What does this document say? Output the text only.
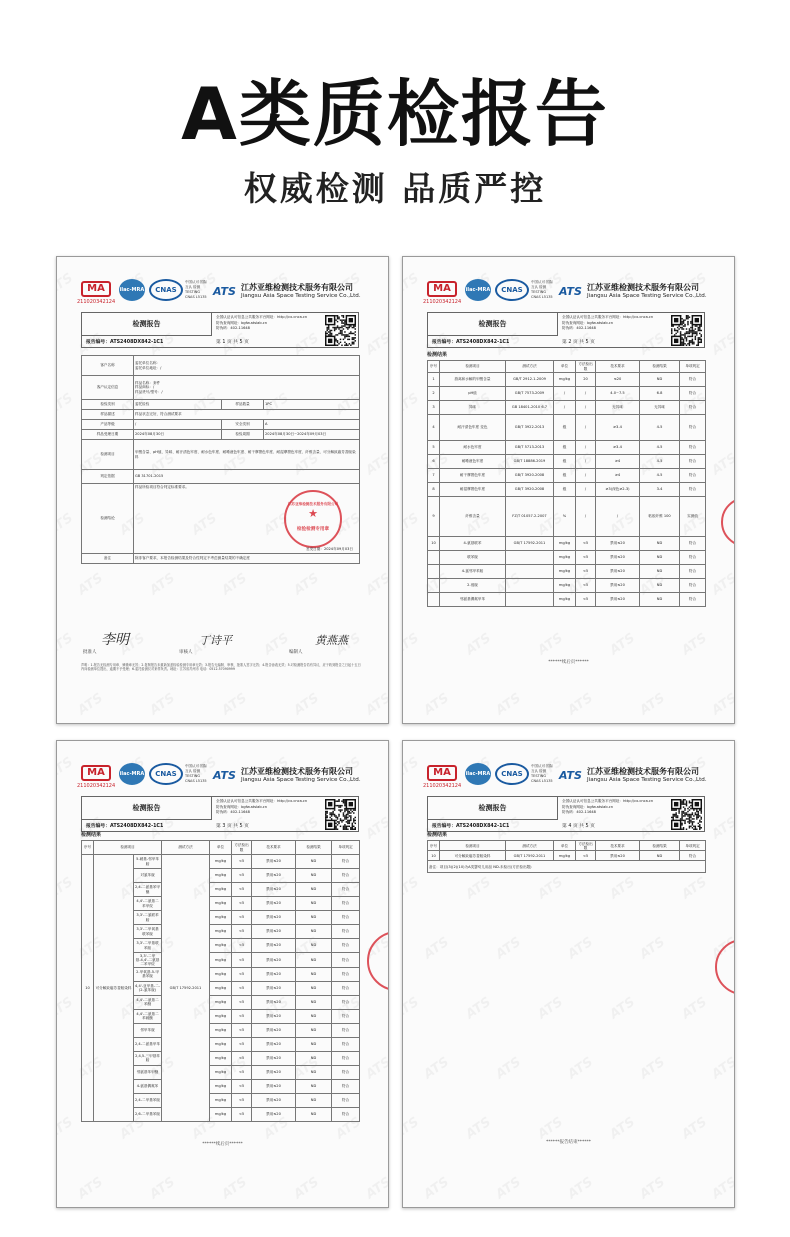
A类质检报告
权威检测 品质严控
MA
211020342124
ilac-MRA	CNAS
中国认可 国际互认 检测 TESTING CNAS L5135 ATS 江苏亚维检测技术服务有限公司
Jiangsu Asia Space Testing Service Co.,Ltd.
检测报告
全国认证认可信息公共服务平台网址：http://cx.cnca.cn
防伪查询网址：bgfw.atslab.cn
防伪码：402-11648
报告编号：ATS2408DX842-1C1	第 1 页 共 5 页
客户名称	委托单位名称：
委托单位地址：/		

客户认定信息	样品名称：套件
样品商标：/
样品货号/型号：/		

检验类别	委托检验	样品数量	1PC
样品描述	样品状态完好，符合测试要求		
产品等级	/	安全类别	A
样品受理日期	2024年08月30日	检验周期	2024年08月30日~2024年09月03日
检测项目	甲醛含量、pH值、异味、耐汗渍色牢度、耐水色牢度、耐唾液色牢度、耐干摩擦色牢度、耐湿摩擦色牢度、纤维含量、可分解致癌芳香胺染料		
判定依据	GB 31701-2015		
检测结论	样品所检项目符合判定标准要求。
江苏亚维检测技术服务有限公司
★
检验检测专用章
签发日期：2024年09月03日		

备注	除非客户要求，本报告检测结果及符合性判定不考虑测量结果的不确定度		
李明	丁诗平	黄燕燕
批准人	审核人	编制人
声明：1.报告无检测专用章、骑缝章无效；2.复制报告未重新加盖检验检测专用章无效；3.报告无编制、审核、批准人签字无效；4.报告涂改无效；5.对检测报告若有异议，应于收到报告之日起十五日内向检测单位提出，逾期不予受理；6.委托检测仅对来样负责。地址：江苏省苏州市 电话：0512-57090999
MA
211020342124
ilac-MRA	CNAS
中国认可 国际互认 检测 TESTING CNAS L5135 ATS 江苏亚维检测技术服务有限公司
Jiangsu Asia Space Testing Service Co.,Ltd.
检测报告
全国认证认可信息公共服务平台网址：http://cx.cnca.cn
防伪查询网址：bgfw.atslab.cn
防伪码：402-11648
报告编号：ATS2408DX842-1C1	第 2 页 共 5 页
检测结果
序号	检测项目	测试方法	单位	方法检出限	技术要求	检测结果	单项判定
1	游离和水解的甲醛含量	GB/T 2912.1-2009	mg/kg	20	≤20	ND	符合
2	pH值	GB/T 7573-2009	/	/	4.0~7.5	6.8	符合
3	异味	GB 18401-2010 6.7	/	/	无异味	无异味	符合
4	耐汗渍色牢度 变色	GB/T 3922-2013	级	/	≥3-4	4-5	符合
5	耐水色牢度	GB/T 5713-2013	级	/	≥3-4	4-5	符合
6	耐唾液色牢度	GB/T 18886-2019	级	/	≥4	4-5	符合
7	耐干摩擦色牢度	GB/T 3920-2008	级	/	≥4	4-5	符合
8	耐湿摩擦色牢度	GB/T 3920-2008	级	/	≥3(深色≥2-3)	3-4	符合
9	纤维含量	FZ/T 01057.2-2007	%	/	/	粘胶纤维 100	实测值
10	4-氨基联苯	GB/T 17592-2011	mg/kg	<5	禁用≤20	ND	符合
	联苯胺		mg/kg	<5	禁用≤20	ND	符合
	4-氯邻甲苯胺		mg/kg	<5	禁用≤20	ND	符合
	2-萘胺		mg/kg	<5	禁用≤20	ND	符合
	邻氨基偶氮甲苯		mg/kg	<5	禁用≤20	ND	符合
******续后页******
MA
211020342124
ilac-MRA	CNAS
中国认可 国际互认 检测 TESTING CNAS L5135 ATS 江苏亚维检测技术服务有限公司
Jiangsu Asia Space Testing Service Co.,Ltd.
检测报告
全国认证认可信息公共服务平台网址：http://cx.cnca.cn
防伪查询网址：bgfw.atslab.cn
防伪码：402-11648
报告编号：ATS2408DX842-1C1	第 3 页 共 5 页
检测结果
序号	检测项目		测试方法	单位	方法检出限	技术要求	检测结果	单项判定
10	可分解致癌芳香胺染料	5-硝基-邻甲苯胺	GB/T 17592-2011	mg/kg	<5	禁用≤20	ND	符合
		对氯苯胺		mg/kg	<5	禁用≤20	ND	符合
		2,4-二氨基苯甲醚		mg/kg	<5	禁用≤20	ND	符合
		4,4'-二氨基二苯甲烷		mg/kg	<5	禁用≤20	ND	符合
		3,3'-二氯联苯胺		mg/kg	<5	禁用≤20	ND	符合
		3,3'-二甲氧基联苯胺		mg/kg	<5	禁用≤20	ND	符合
		3,3'-二甲基联苯胺		mg/kg	<5	禁用≤20	ND	符合
		3,3'-二甲基-4,4'-二氨基二苯甲烷		mg/kg	<5	禁用≤20	ND	符合
		2-甲氧基-5-甲基苯胺		mg/kg	<5	禁用≤20	ND	符合
		4,4'-亚甲基-二-(2-氯苯胺)		mg/kg	<5	禁用≤20	ND	符合
		4,4'-二氨基二苯醚		mg/kg	<5	禁用≤20	ND	符合
		4,4'-二氨基二苯硫醚		mg/kg	<5	禁用≤20	ND	符合
		邻甲苯胺		mg/kg	<5	禁用≤20	ND	符合
		2,4-二氨基甲苯		mg/kg	<5	禁用≤20	ND	符合
		2,4,5-三甲基苯胺		mg/kg	<5	禁用≤20	ND	符合
		邻氨基苯甲醚		mg/kg	<5	禁用≤20	ND	符合
		4-氨基偶氮苯		mg/kg	<5	禁用≤20	ND	符合
		2,4-二甲基苯胺		mg/kg	<5	禁用≤20	ND	符合
		2,6-二甲基苯胺		mg/kg	<5	禁用≤20	ND	符合
******续后页******
MA
211020342124
ilac-MRA	CNAS
中国认可 国际互认 检测 TESTING CNAS L5135 ATS 江苏亚维检测技术服务有限公司
Jiangsu Asia Space Testing Service Co.,Ltd.
检测报告
全国认证认可信息公共服务平台网址：http://cx.cnca.cn
防伪查询网址：bgfw.atslab.cn
防伪码：402-11648
报告编号：ATS2408DX842-1C1	第 4 页 共 5 页
检测结果
序号	检测项目	测试方法	单位	方法检出限	技术要求	检测结果	单项判定
10	可分解致癌芳香胺染料	GB/T 17592-2011	mg/kg	<5	禁用≤20	ND	符合
备注：项目(3)(2)(10)为A类婴幼儿用品 ND-未检出(方法检出限)							
******报告结束******
